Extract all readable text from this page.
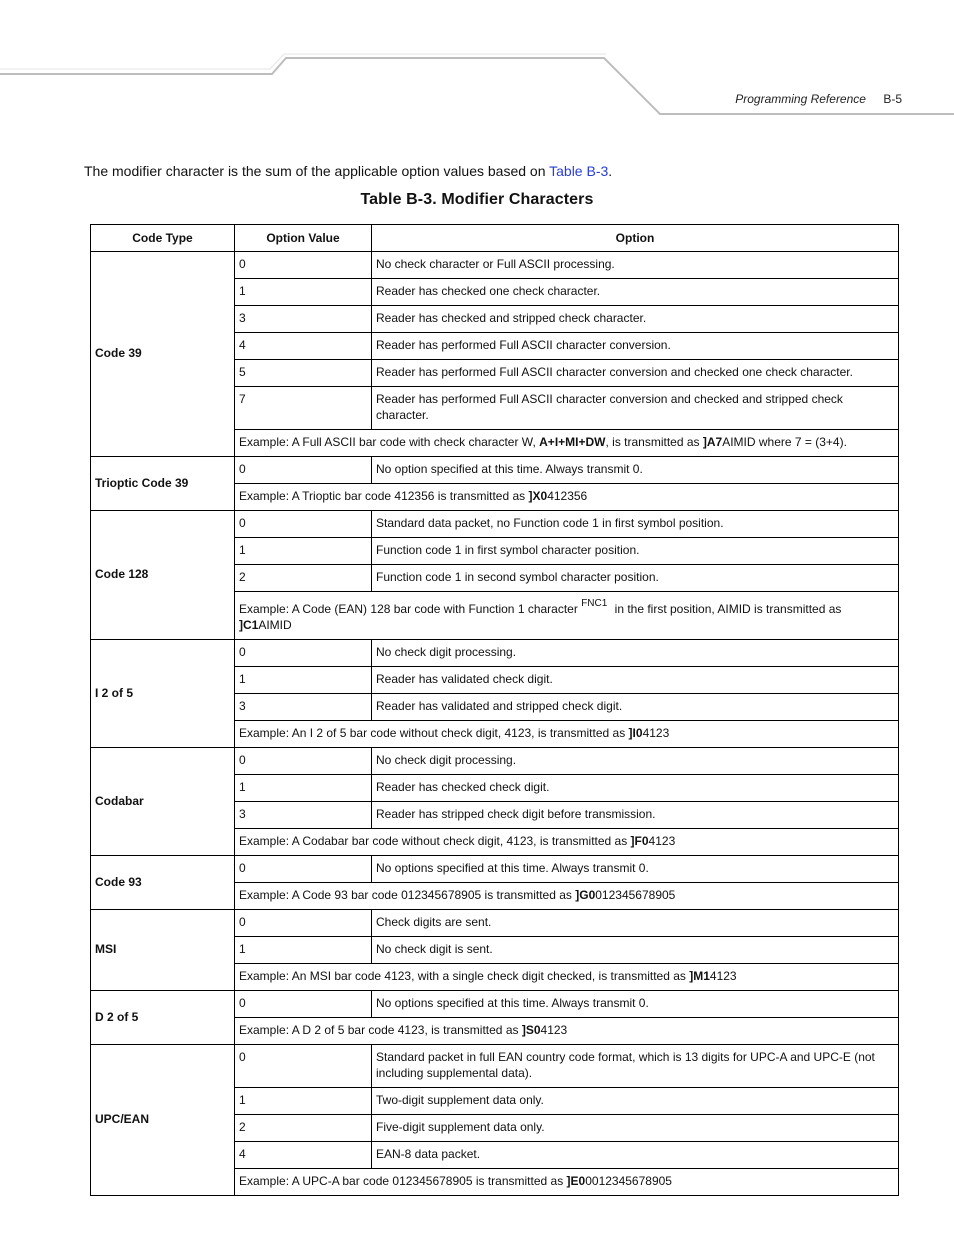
Programming Reference B-5
The modifier character is the sum of the applicable option values based on Table B-3.
Table B-3. Modifier Characters
Code Type	Option Value	Option
Code 39	0	No check character or Full ASCII processing.
	1	Reader has checked one check character.
	3	Reader has checked and stripped check character.
	4	Reader has performed Full ASCII character conversion.
	5	Reader has performed Full ASCII character conversion and checked one check character.
	7	Reader has performed Full ASCII character conversion and checked and stripped check character.
	Example: A Full ASCII bar code with check character W, A+I+MI+DW, is transmitted as ]A7AIMID where 7 = (3+4).	
Trioptic Code 39	0	No option specified at this time. Always transmit 0.
	Example: A Trioptic bar code 412356 is transmitted as ]X0412356	
Code 128	0	Standard data packet, no Function code 1 in first symbol position.
	1	Function code 1 in first symbol character position.
	2	Function code 1 in second symbol character position.
	Example: A Code (EAN) 128 bar code with Function 1 character $^{FNC1}$ in the first position, AIMID is transmitted as ]C1AIMID	
I 2 of 5	0	No check digit processing.
	1	Reader has validated check digit.
	3	Reader has validated and stripped check digit.
	Example: An I 2 of 5 bar code without check digit, 4123, is transmitted as ]I04123	
Codabar	0	No check digit processing.
	1	Reader has checked check digit.
	3	Reader has stripped check digit before transmission.
	Example: A Codabar bar code without check digit, 4123, is transmitted as ]F04123	
Code 93	0	No options specified at this time. Always transmit 0.
	Example: A Code 93 bar code 012345678905 is transmitted as ]G0012345678905	
MSI	0	Check digits are sent.
	1	No check digit is sent.
	Example: An MSI bar code 4123, with a single check digit checked, is transmitted as ]M14123	
D 2 of 5	0	No options specified at this time. Always transmit 0.
	Example: A D 2 of 5 bar code 4123, is transmitted as ]S04123	
UPC/EAN	0	Standard packet in full EAN country code format, which is 13 digits for UPC-A and UPC-E (not including supplemental data).
	1	Two-digit supplement data only.
	2	Five-digit supplement data only.
	4	EAN-8 data packet.
	Example: A UPC-A bar code 012345678905 is transmitted as ]E00012345678905	
